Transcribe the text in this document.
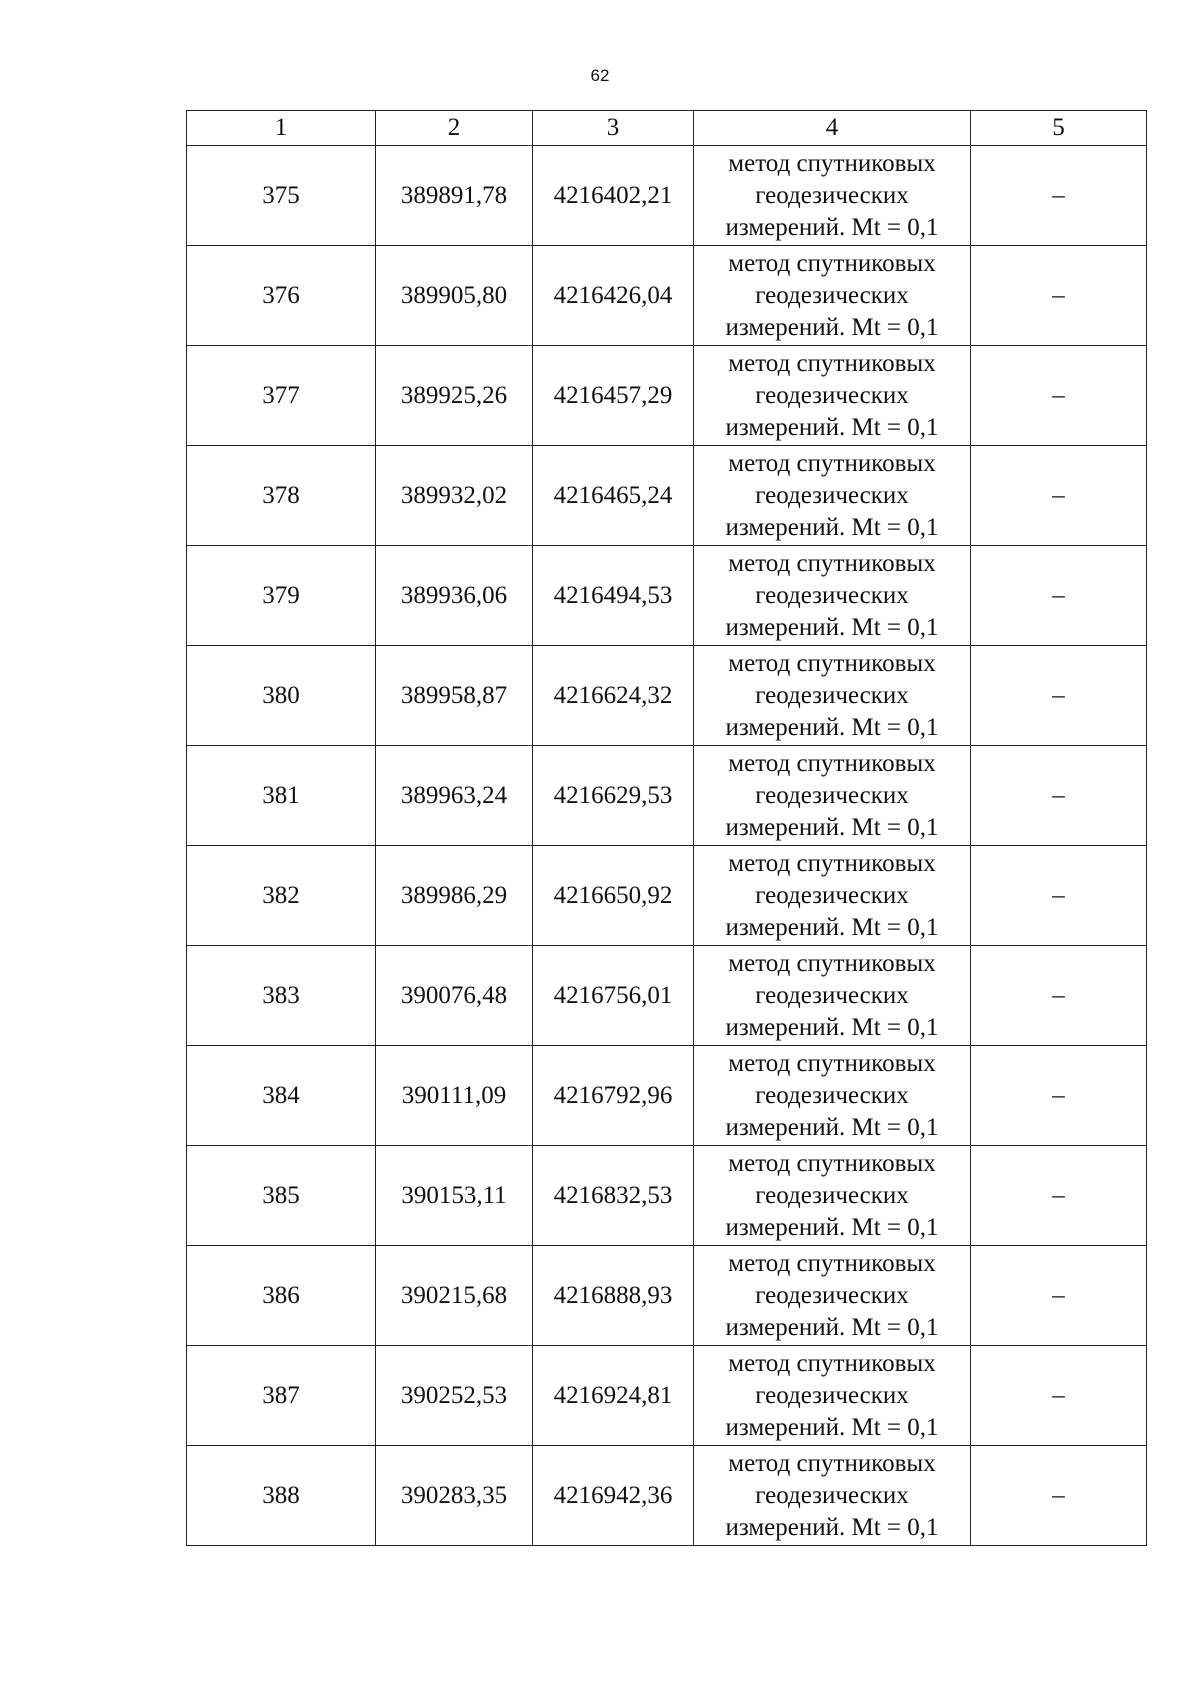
62
1	2	3	4	5
375	389891,78	4216402,21	метод спутниковых
геодезических
измерений. Mt = 0,1	–
376	389905,80	4216426,04	метод спутниковых
геодезических
измерений. Mt = 0,1	–
377	389925,26	4216457,29	метод спутниковых
геодезических
измерений. Mt = 0,1	–
378	389932,02	4216465,24	метод спутниковых
геодезических
измерений. Mt = 0,1	–
379	389936,06	4216494,53	метод спутниковых
геодезических
измерений. Mt = 0,1	–
380	389958,87	4216624,32	метод спутниковых
геодезических
измерений. Mt = 0,1	–
381	389963,24	4216629,53	метод спутниковых
геодезических
измерений. Mt = 0,1	–
382	389986,29	4216650,92	метод спутниковых
геодезических
измерений. Mt = 0,1	–
383	390076,48	4216756,01	метод спутниковых
геодезических
измерений. Mt = 0,1	–
384	390111,09	4216792,96	метод спутниковых
геодезических
измерений. Mt = 0,1	–
385	390153,11	4216832,53	метод спутниковых
геодезических
измерений. Mt = 0,1	–
386	390215,68	4216888,93	метод спутниковых
геодезических
измерений. Mt = 0,1	–
387	390252,53	4216924,81	метод спутниковых
геодезических
измерений. Mt = 0,1	–
388	390283,35	4216942,36	метод спутниковых
геодезических
измерений. Mt = 0,1	–
